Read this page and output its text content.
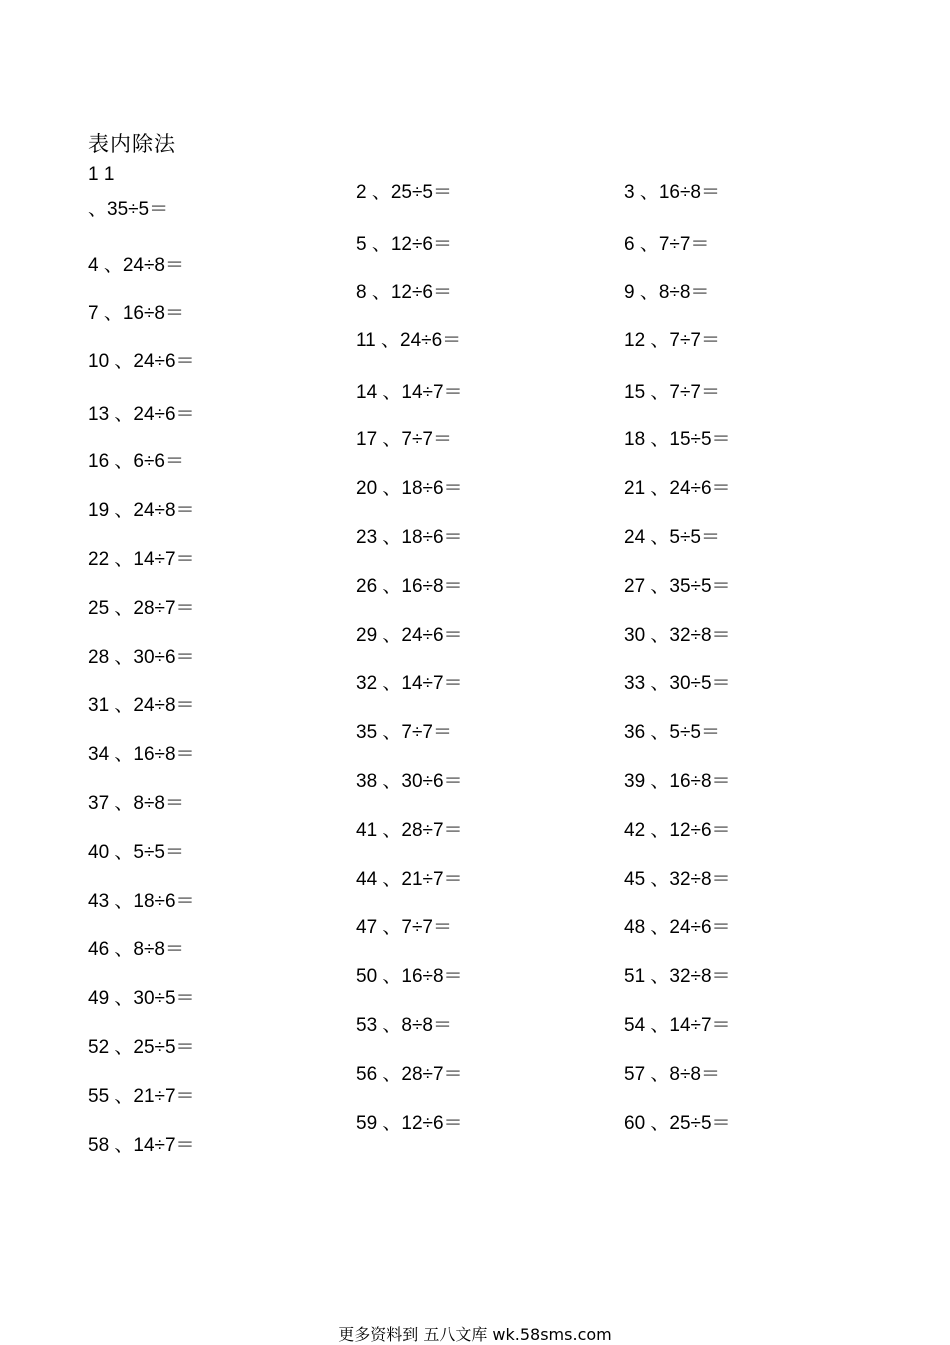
表内除法
1 1
、35÷5＝
4 、24÷8＝
7 、16÷8＝
10 、24÷6＝
13 、24÷6＝
16 、6÷6＝
19 、24÷8＝
22 、14÷7＝
25 、28÷7＝
28 、30÷6＝
31 、24÷8＝
34 、16÷8＝
37 、8÷8＝
40 、5÷5＝
43 、18÷6＝
46 、8÷8＝
49 、30÷5＝
52 、25÷5＝
55 、21÷7＝
58 、14÷7＝
2 、25÷5＝
5 、12÷6＝
8 、12÷6＝
11 、24÷6＝
14 、14÷7＝
17 、7÷7＝
20 、18÷6＝
23 、18÷6＝
26 、16÷8＝
29 、24÷6＝
32 、14÷7＝
35 、7÷7＝
38 、30÷6＝
41 、28÷7＝
44 、21÷7＝
47 、7÷7＝
50 、16÷8＝
53 、8÷8＝
56 、28÷7＝
59 、12÷6＝
3 、16÷8＝
6 、7÷7＝
9 、8÷8＝
12 、7÷7＝
15 、7÷7＝
18 、15÷5＝
21 、24÷6＝
24 、5÷5＝
27 、35÷5＝
30 、32÷8＝
33 、30÷5＝
36 、5÷5＝
39 、16÷8＝
42 、12÷6＝
45 、32÷8＝
48 、24÷6＝
51 、32÷8＝
54 、14÷7＝
57 、8÷8＝
60 、25÷5＝
更多资料到 五八文库 wk.58sms.com
